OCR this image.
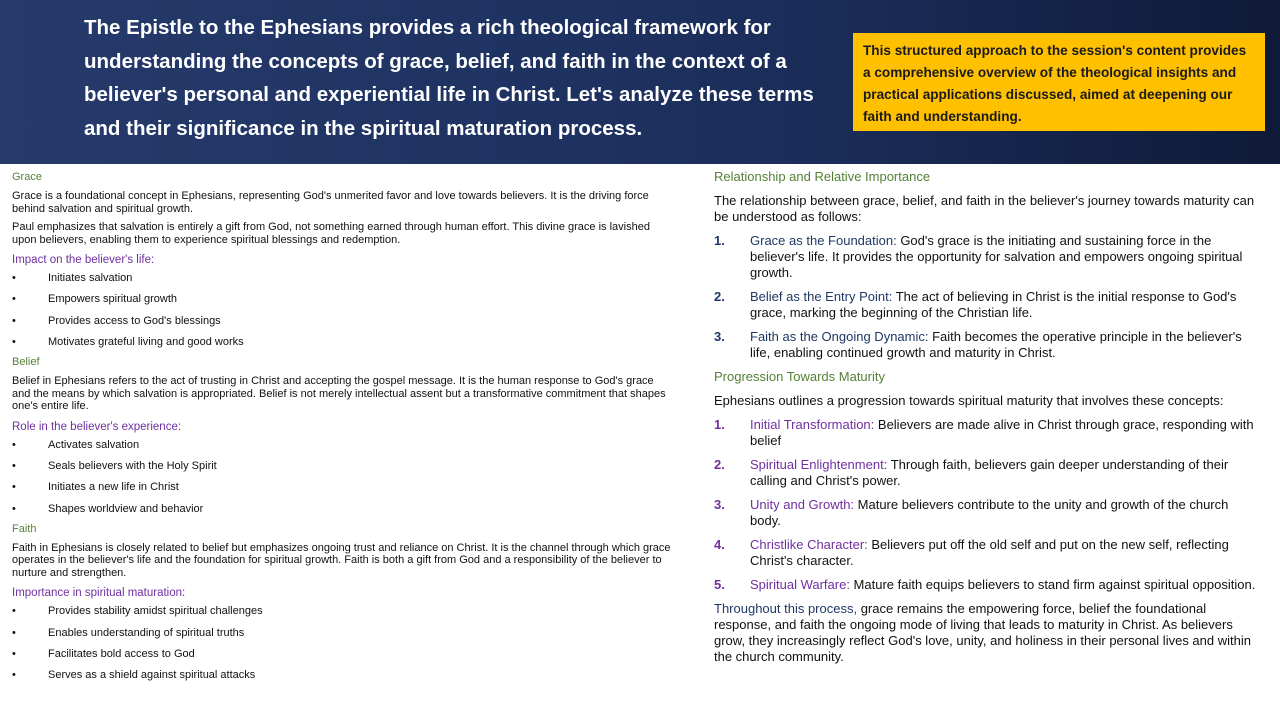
The Epistle to the Ephesians provides a rich theological framework for understanding the concepts of grace, belief, and faith in the context of a believer's personal and experiential life in Christ. Let's analyze these terms and their significance in the spiritual maturation process.
This structured approach to the session's content provides a comprehensive overview of the theological insights and practical applications discussed, aimed at deepening our faith and understanding.
Grace

Grace is a foundational concept in Ephesians, representing God's unmerited favor and love towards believers. It is the driving force behind salvation and spiritual growth.

Paul emphasizes that salvation is entirely a gift from God, not something earned through human effort. This divine grace is lavished upon believers, enabling them to experience spiritual blessings and redemption.

Impact on the believer's life:
• Initiates salvation
• Empowers spiritual growth
• Provides access to God's blessings
• Motivates grateful living and good works
Belief

Belief in Ephesians refers to the act of trusting in Christ and accepting the gospel message. It is the human response to God's grace and the means by which salvation is appropriated. Belief is not merely intellectual assent but a transformative commitment that shapes one's entire life.

Role in the believer's experience:
• Activates salvation
• Seals believers with the Holy Spirit
• Initiates a new life in Christ
• Shapes worldview and behavior
Faith

Faith in Ephesians is closely related to belief but emphasizes ongoing trust and reliance on Christ. It is the channel through which grace operates in the believer's life and the foundation for spiritual growth. Faith is both a gift from God and a responsibility of the believer to nurture and strengthen.

Importance in spiritual maturation:
• Provides stability amidst spiritual challenges
• Enables understanding of spiritual truths
• Facilitates bold access to God
• Serves as a shield against spiritual attacks
Relationship and Relative Importance

The relationship between grace, belief, and faith in the believer's journey towards maturity can be understood as follows:

1. Grace as the Foundation: God's grace is the initiating and sustaining force in the believer's life. It provides the opportunity for salvation and empowers ongoing spiritual growth.
2. Belief as the Entry Point: The act of believing in Christ is the initial response to God's grace, marking the beginning of the Christian life.
3. Faith as the Ongoing Dynamic: Faith becomes the operative principle in the believer's life, enabling continued growth and maturity in Christ.
Progression Towards Maturity

Ephesians outlines a progression towards spiritual maturity that involves these concepts:

1. Initial Transformation: Believers are made alive in Christ through grace, responding with belief
2. Spiritual Enlightenment: Through faith, believers gain deeper understanding of their calling and Christ's power.
3. Unity and Growth: Mature believers contribute to the unity and growth of the church body.
4. Christlike Character: Believers put off the old self and put on the new self, reflecting Christ's character.
5. Spiritual Warfare: Mature faith equips believers to stand firm against spiritual opposition.

Throughout this process, grace remains the empowering force, belief the foundational response, and faith the ongoing mode of living that leads to maturity in Christ. As believers grow, they increasingly reflect God's love, unity, and holiness in their personal lives and within the church community.
